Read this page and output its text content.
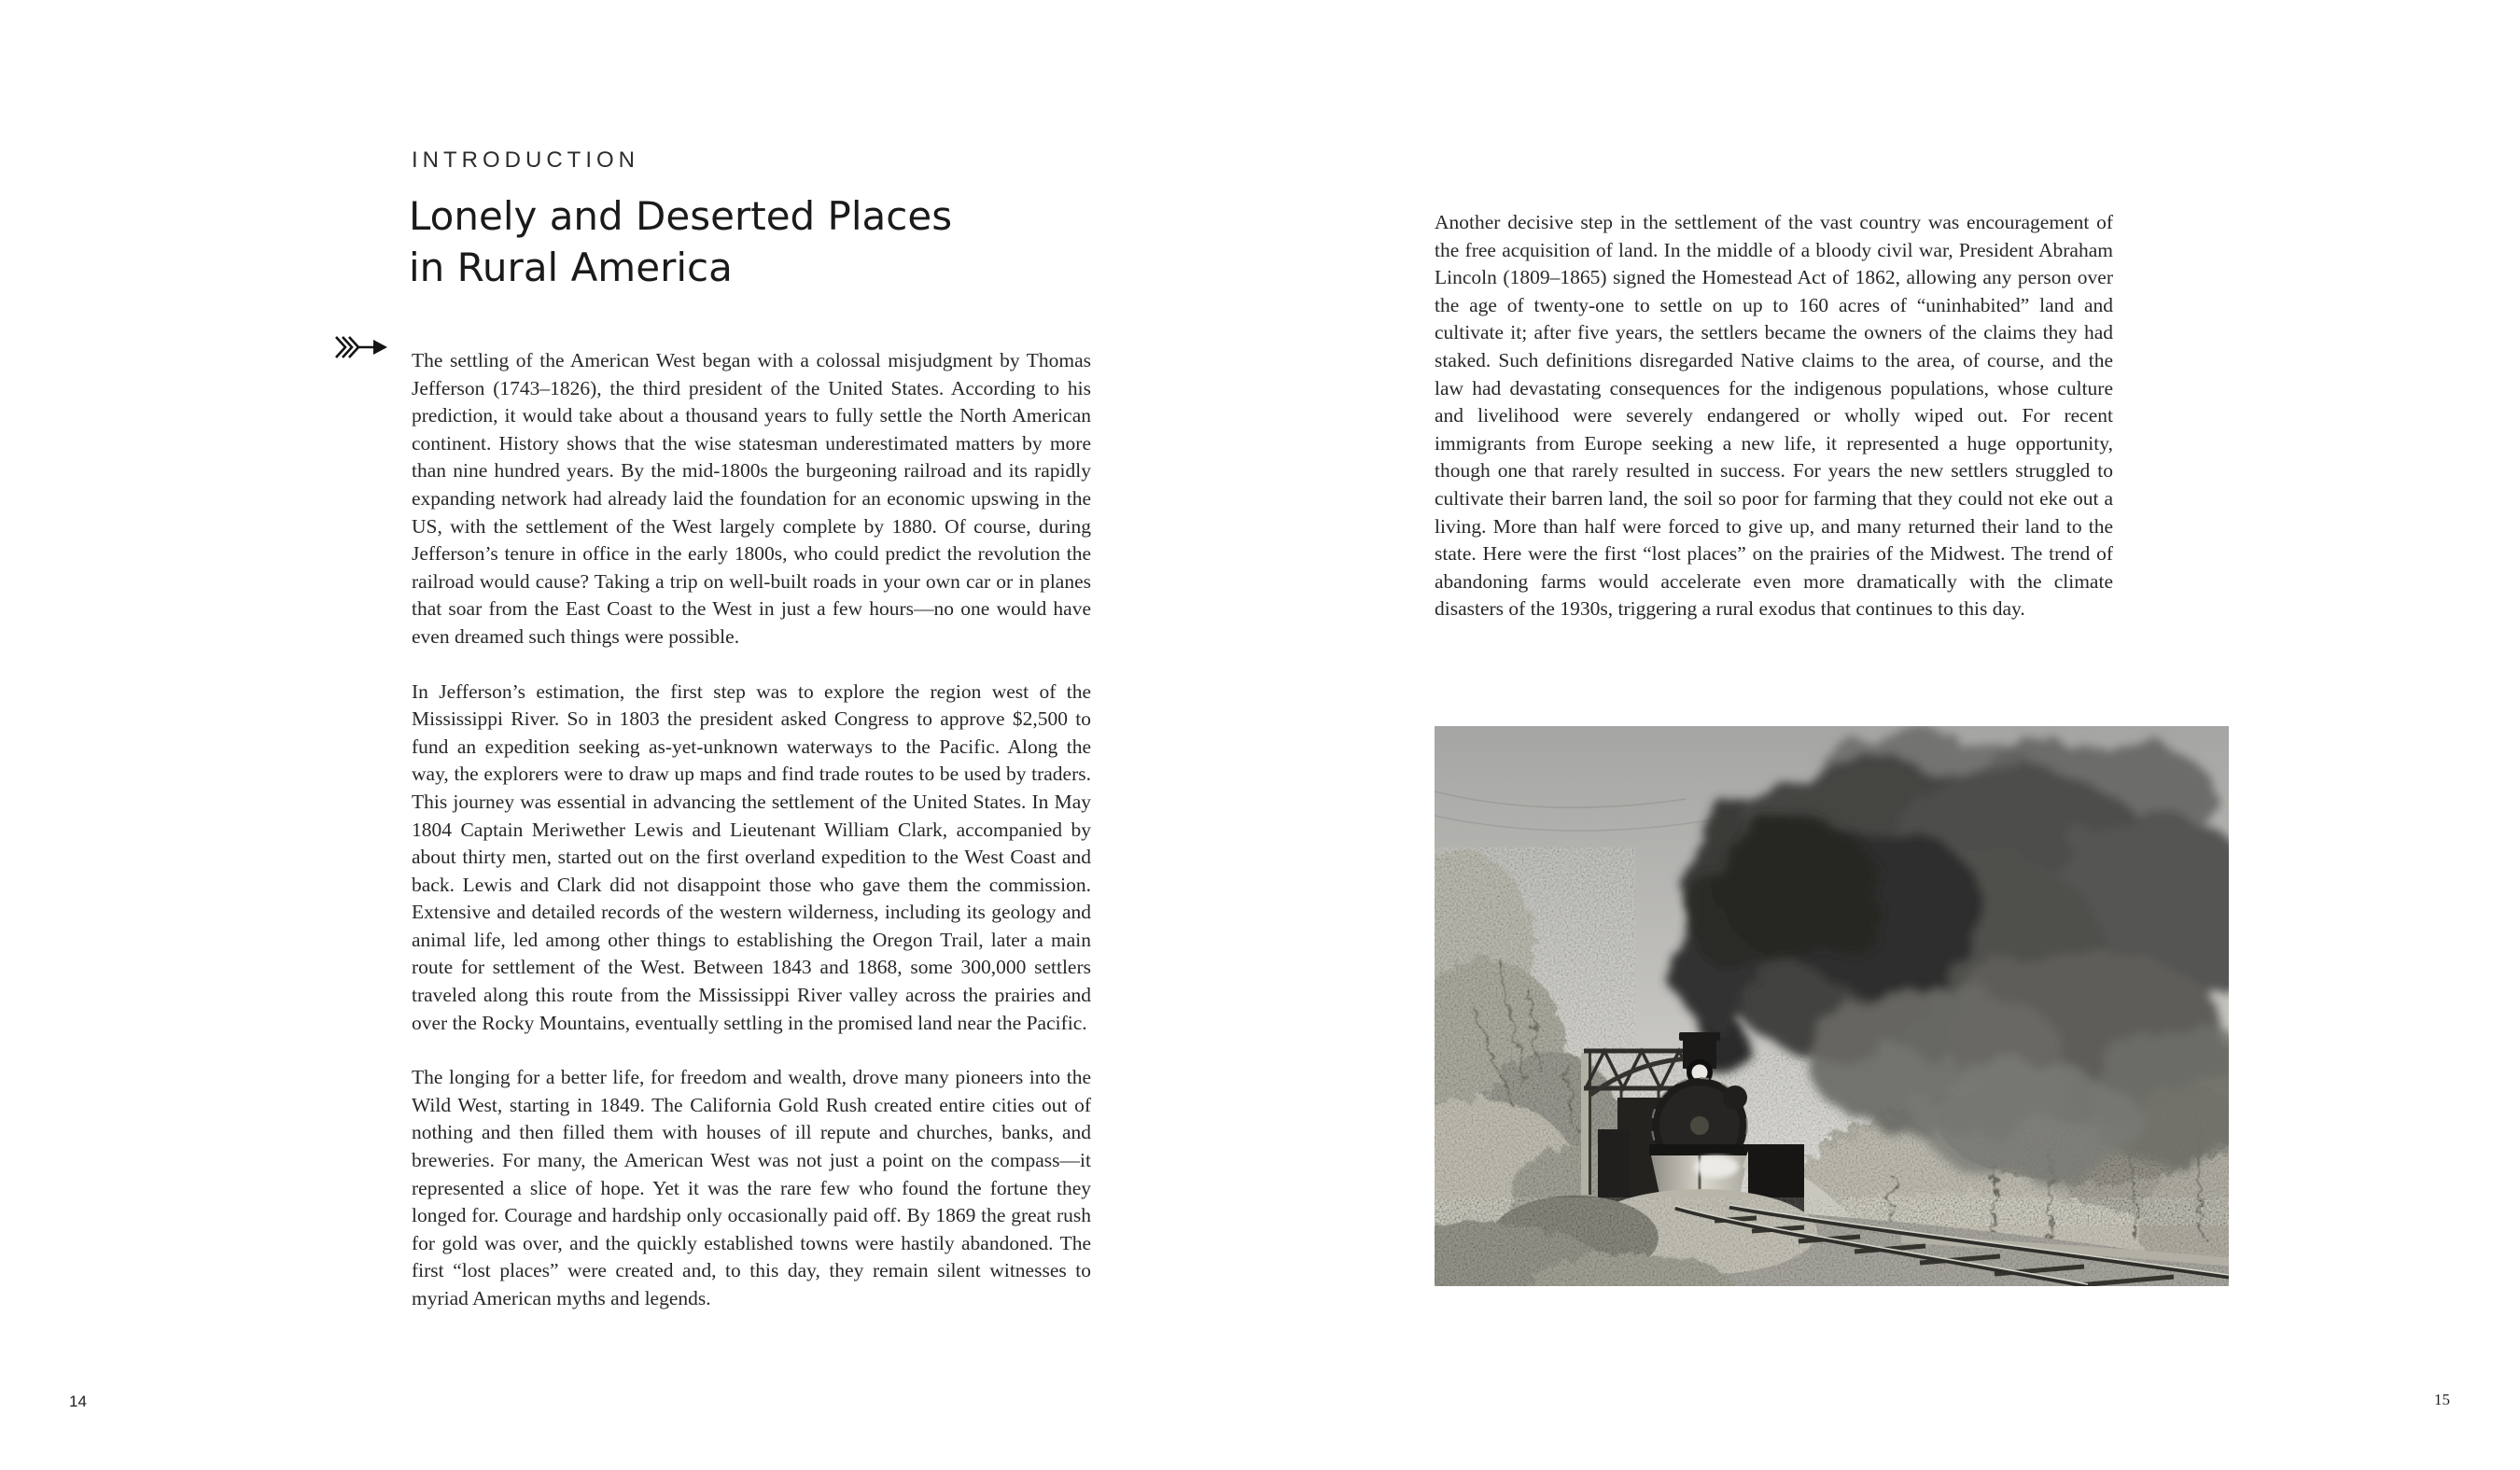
INTRODUCTION
Lonely and Deserted Places
in Rural America

The settling of the American West began with a colossal misjudgment by Thomas Jefferson (1743–1826), the third president of the United States. According to his prediction, it would take about a thousand years to fully settle the North American continent. History shows that the wise statesman underestimated matters by more than nine hundred years. By the mid-1800s the burgeoning railroad and its rapidly expanding network had already laid the foundation for an economic upswing in the US, with the settlement of the West largely complete by 1880. Of course, during Jefferson’s tenure in office in the early 1800s, who could predict the revolution the railroad would cause? Taking a trip on well-built roads in your own car or in planes that soar from the East Coast to the West in just a few hours—no one would have even dreamed such things were possible.

In Jefferson’s estimation, the first step was to explore the region west of the Mississippi River. So in 1803 the president asked Congress to approve $2,500 to fund an expedition seeking as-yet-unknown waterways to the Pacific. Along the way, the explorers were to draw up maps and find trade routes to be used by traders. This journey was essential in advancing the settlement of the United States. In May 1804 Captain Meriwether Lewis and Lieutenant William Clark, accompanied by about thirty men, started out on the first overland expedition to the West Coast and back. Lewis and Clark did not disappoint those who gave them the commission. Extensive and detailed records of the western wilderness, including its geology and animal life, led among other things to establishing the Oregon Trail, later a main route for settlement of the West. Between 1843 and 1868, some 300,000 settlers traveled along this route from the Mississippi River valley across the prairies and over the Rocky Mountains, eventually settling in the promised land near the Pacific.

The longing for a better life, for freedom and wealth, drove many pioneers into the Wild West, starting in 1849. The California Gold Rush created entire cities out of nothing and then filled them with houses of ill repute and churches, banks, and breweries. For many, the American West was not just a point on the compass—it represented a slice of hope. Yet it was the rare few who found the fortune they longed for. Courage and hardship only occasionally paid off. By 1869 the great rush for gold was over, and the quickly established towns were hastily abandoned. The first “lost places” were created and, to this day, they remain silent witnesses to myriad American myths and legends.

14

Another decisive step in the settlement of the vast country was encouragement of the free acquisition of land. In the middle of a bloody civil war, President Abraham Lincoln (1809–1865) signed the Homestead Act of 1862, allowing any person over the age of twenty-one to settle on up to 160 acres of “uninhabited” land and cultivate it; after five years, the settlers became the owners of the claims they had staked. Such definitions disregarded Native claims to the area, of course, and the law had devastating consequences for the indigenous populations, whose culture and livelihood were severely endangered or wholly wiped out. For recent immigrants from Europe seeking a new life, it represented a huge opportunity, though one that rarely resulted in success. For years the new settlers struggled to cultivate their barren land, the soil so poor for farming that they could not eke out a living. More than half were forced to give up, and many returned their land to the state. Here were the first “lost places” on the prairies of the Midwest. The trend of abandoning farms would accelerate even more dramatically with the climate disasters of the 1930s, triggering a rural exodus that continues to this day.

15
